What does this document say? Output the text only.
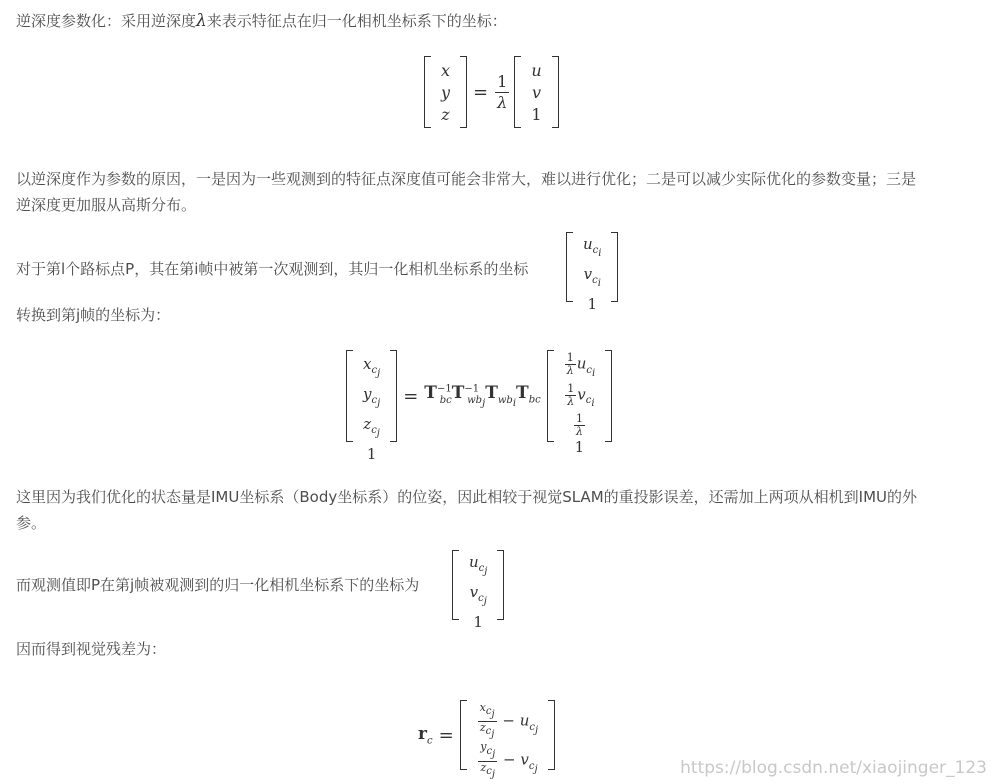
逆深度参数化：采用逆深度λ来表示特征点在归一化相机坐标系下的坐标：
x
y
z
= $\frac{1}{\lambda}$
u
v
1
以逆深度作为参数的原因，一是因为一些观测到的特征点深度值可能会非常大，难以进行优化；二是可以减少实际优化的参数变量；三是
逆深度更加服从高斯分布。
对于第l个路标点P，其在第i帧中被第一次观测到，其归一化相机坐标系的坐标
$u_{c_i}$
$v_{c_i}$
1
转换到第j帧的坐标为：
$x_{c_j}$
$y_{c_j}$
$z_{c_j}$
1
= $T^{-1}_{bc}T^{-1}_{wb_j}T_{wb_i}T_{bc}$
$\frac{1}{\lambda} u_{c_i}$
$\frac{1}{\lambda} v_{c_i}$
$\frac{1}{\lambda}$
1
这里因为我们优化的状态量是IMU坐标系（Body坐标系）的位姿，因此相较于视觉SLAM的重投影误差，还需加上两项从相机到IMU的外
参。
而观测值即P在第j帧被观测到的归一化相机坐标系下的坐标为
$u_{c_j}$
$v_{c_j}$
1
因而得到视觉残差为：
$r_c = \frac{x_{c_j}}{z_{c_j}} - u_{c_j}$
$\frac{y_{c_j}}{z_{c_j}} - v_{c_j}$	https://blog.csdn.net/xiaojinger_123
